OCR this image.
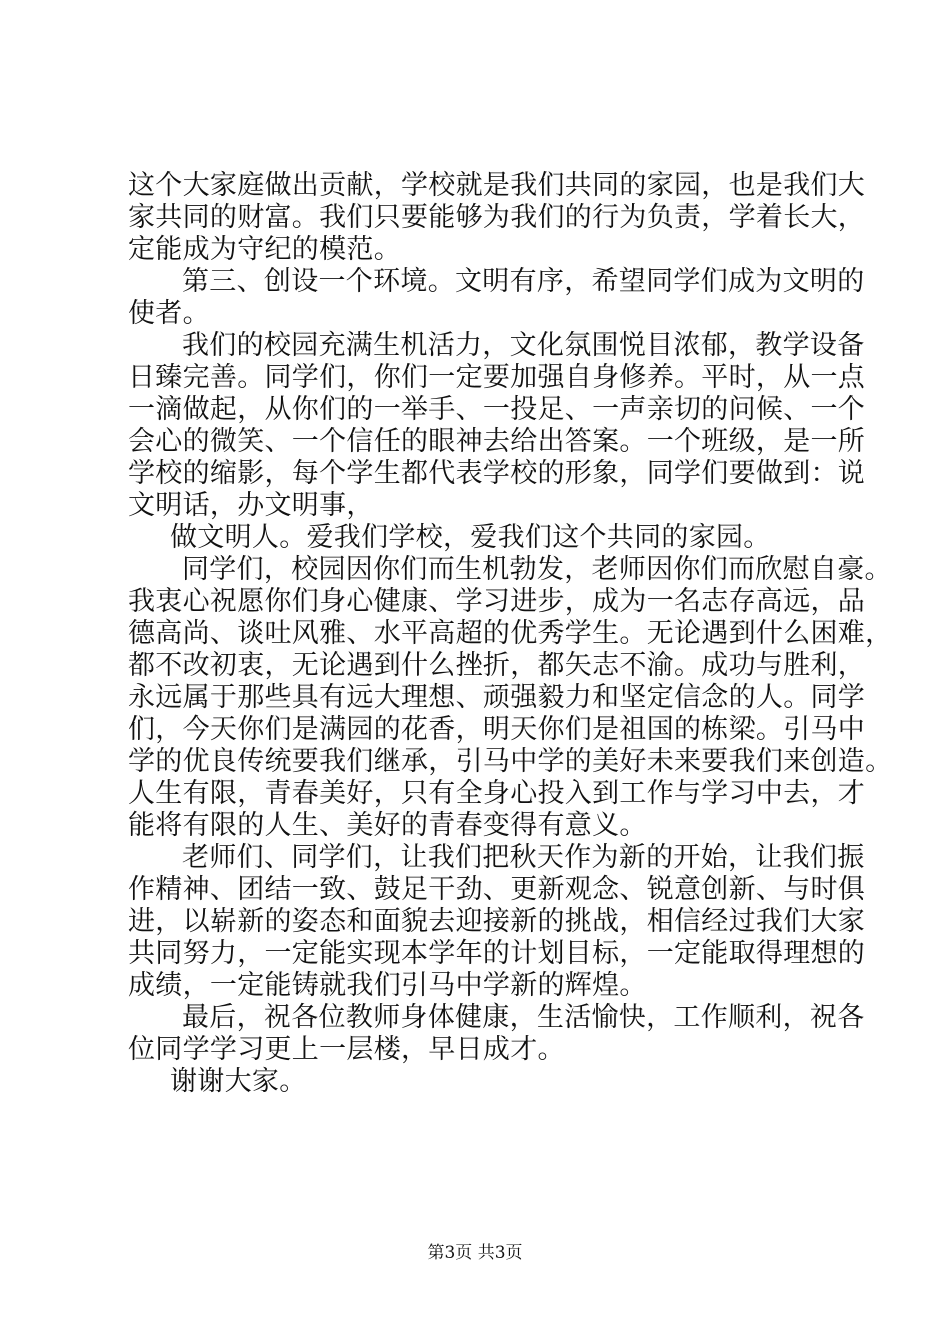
这个大家庭做出贡献，学校就是我们共同的家园，也是我们大
家共同的财富。我们只要能够为我们的行为负责，学着长大，
定能成为守纪的模范。
第三、创设一个环境。文明有序，希望同学们成为文明的
使者。
我们的校园充满生机活力，文化氛围悦目浓郁，教学设备
日臻完善。同学们，你们一定要加强自身修养。平时，从一点
一滴做起，从你们的一举手、一投足、一声亲切的问候、一个
会心的微笑、一个信任的眼神去给出答案。一个班级，是一所
学校的缩影，每个学生都代表学校的形象，同学们要做到：说
文明话，办文明事，
做文明人。爱我们学校，爱我们这个共同的家园。
同学们，校园因你们而生机勃发，老师因你们而欣慰自豪。
我衷心祝愿你们身心健康、学习进步，成为一名志存高远，品
德高尚、谈吐风雅、水平高超的优秀学生。无论遇到什么困难，
都不改初衷，无论遇到什么挫折，都矢志不渝。成功与胜利，
永远属于那些具有远大理想、顽强毅力和坚定信念的人。同学
们，今天你们是满园的花香，明天你们是祖国的栋梁。引马中
学的优良传统要我们继承，引马中学的美好未来要我们来创造。
人生有限，青春美好，只有全身心投入到工作与学习中去，才
能将有限的人生、美好的青春变得有意义。
老师们、同学们，让我们把秋天作为新的开始，让我们振
作精神、团结一致、鼓足干劲、更新观念、锐意创新、与时俱
进，以崭新的姿态和面貌去迎接新的挑战，相信经过我们大家
共同努力，一定能实现本学年的计划目标，一定能取得理想的
成绩，一定能铸就我们引马中学新的辉煌。
最后，祝各位教师身体健康，生活愉快，工作顺利，祝各
位同学学习更上一层楼，早日成才。
谢谢大家。
第3页 共3页
